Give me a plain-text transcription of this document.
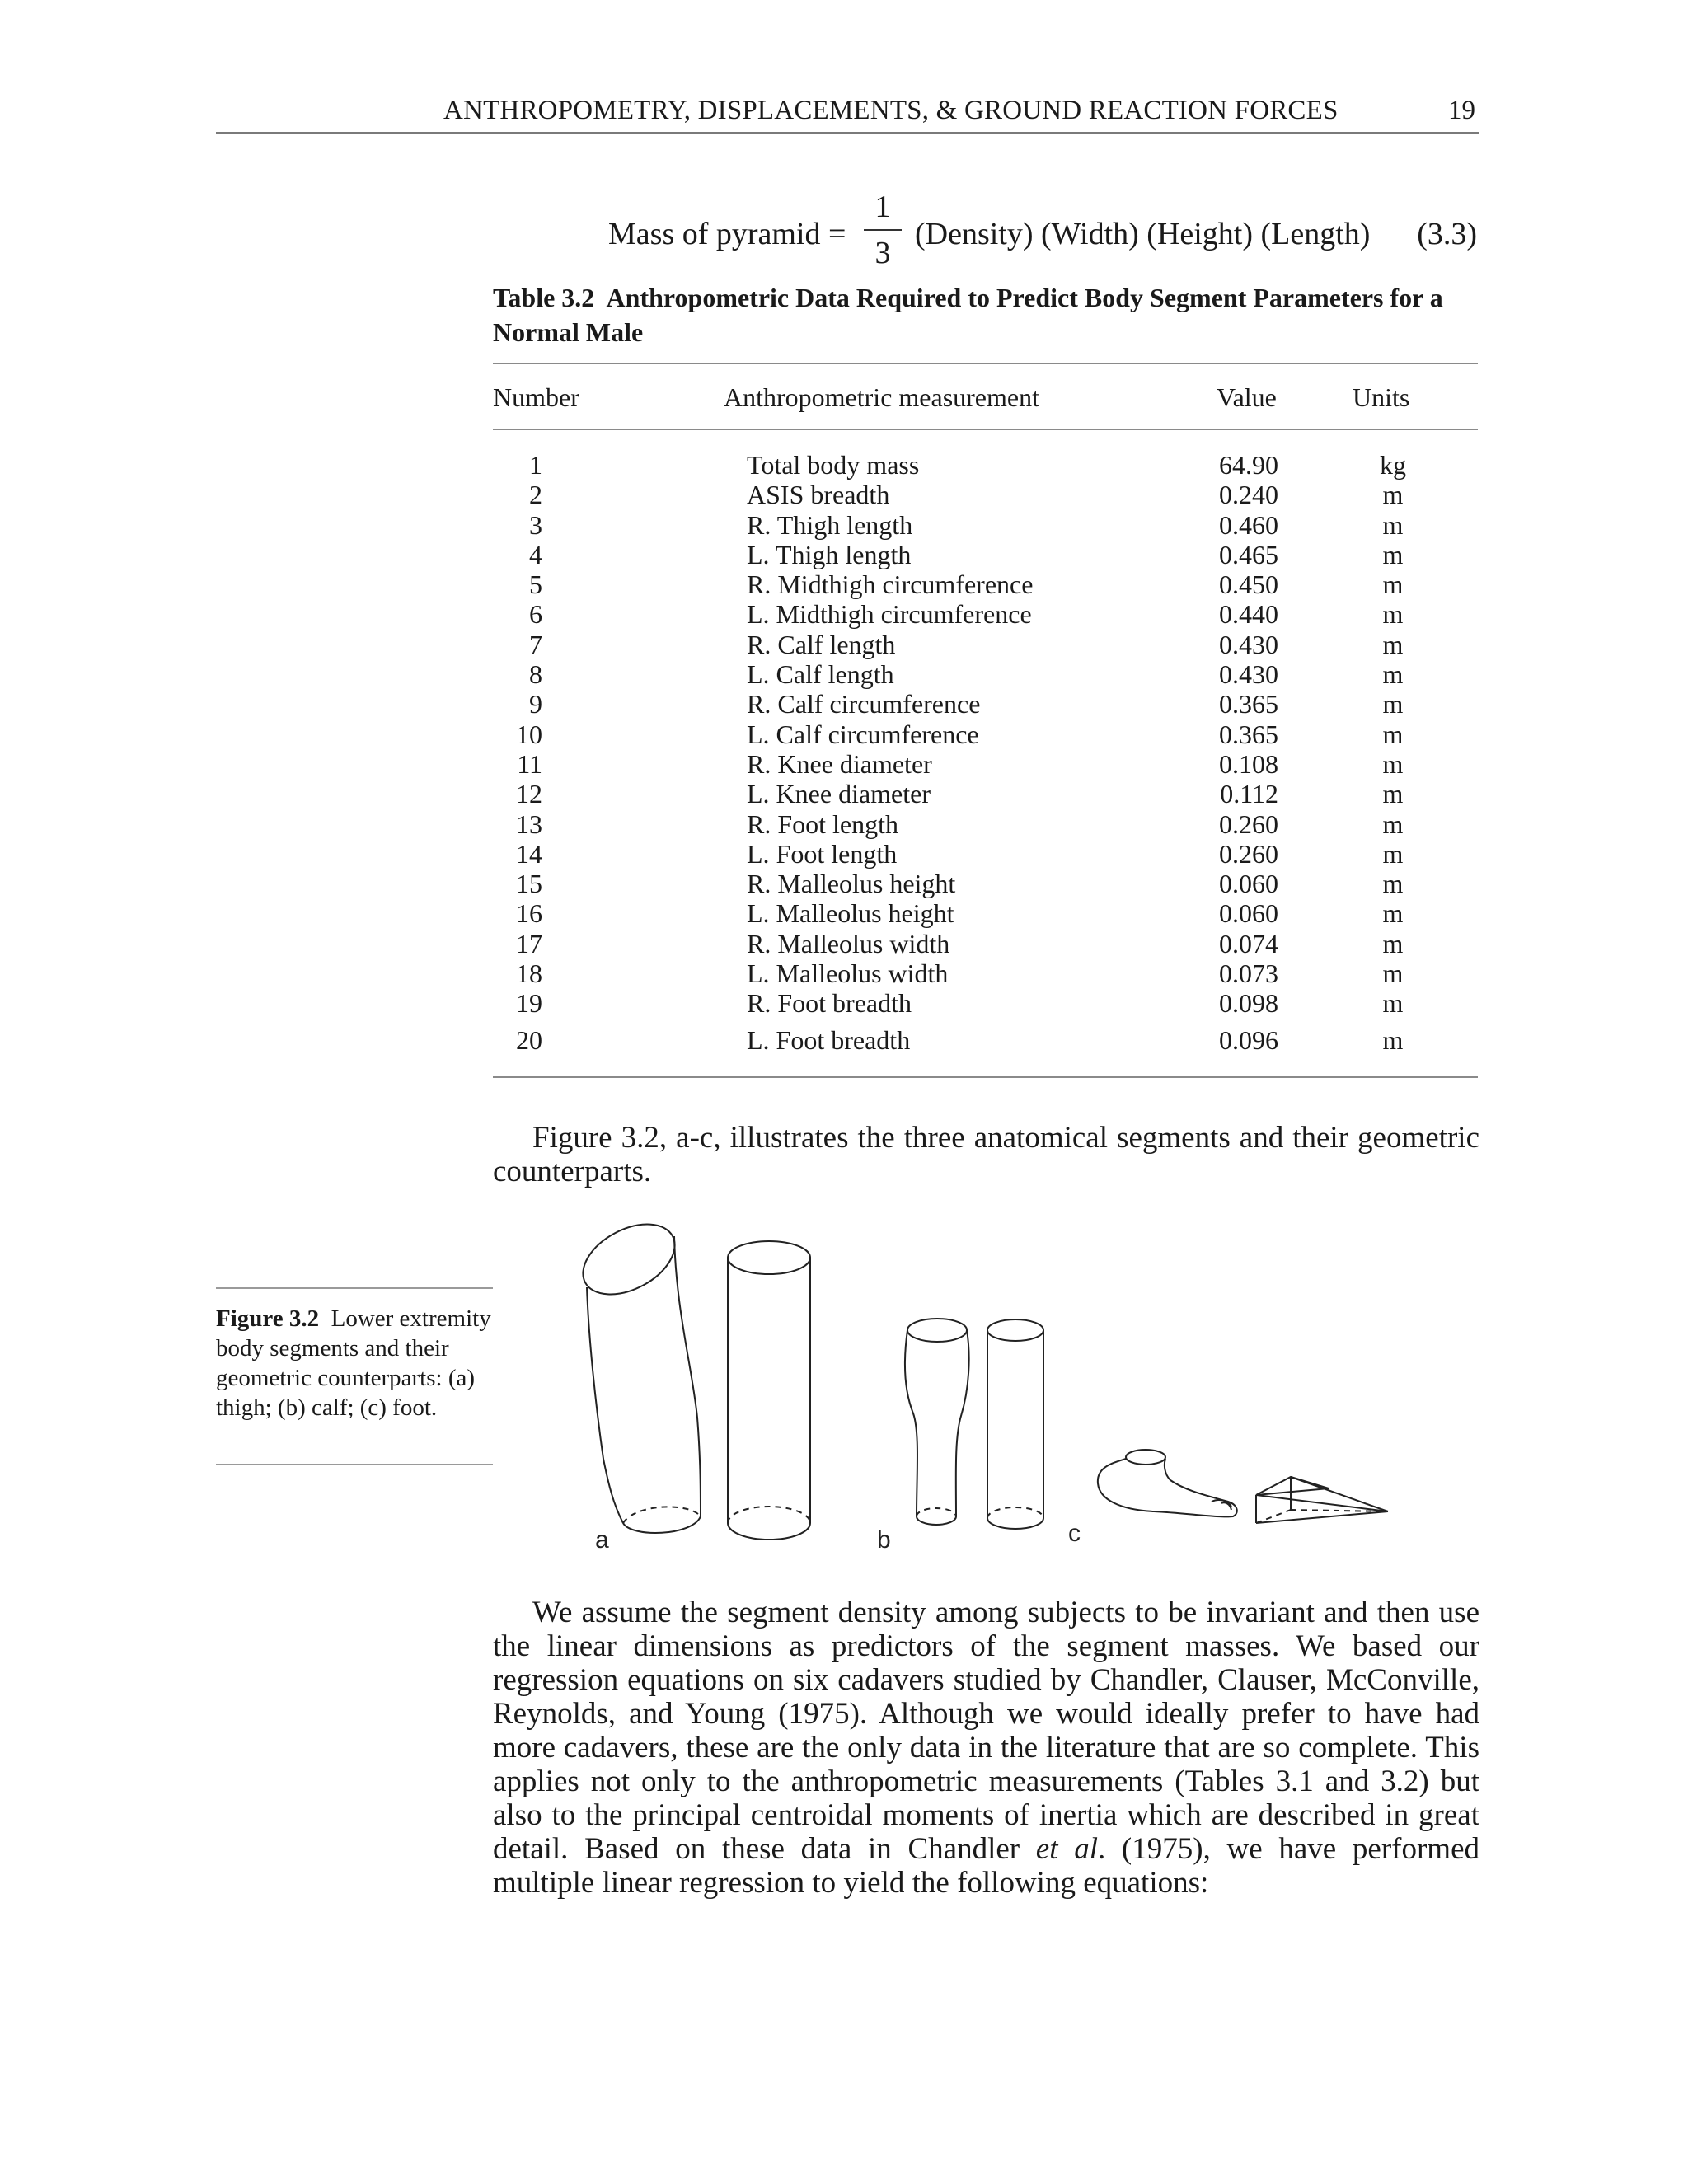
ANTHROPOMETRY, DISPLACEMENTS, & GROUND REACTION FORCES	19
Mass of pyramid =
1
3
(Density) (Width) (Height) (Length) (3.3)
Table 3.2 Anthropometric Data Required to Predict Body Segment Parameters for a Normal Male
Number	Anthropometric measurement	Value	Units
1	Total body mass	64.90	kg
2	ASIS breadth	0.240	m
3	R. Thigh length	0.460	m
4	L. Thigh length	0.465	m
5	R. Midthigh circumference	0.450	m
6	L. Midthigh circumference	0.440	m
7	R. Calf length	0.430	m
8	L. Calf length	0.430	m
9	R. Calf circumference	0.365	m
10	L. Calf circumference	0.365	m
11	R. Knee diameter	0.108	m
12	L. Knee diameter	0.112	m
13	R. Foot length	0.260	m
14	L. Foot length	0.260	m
15	R. Malleolus height	0.060	m
16	L. Malleolus height	0.060	m
17	R. Malleolus width	0.074	m
18	L. Malleolus width	0.073	m
19	R. Foot breadth	0.098	m
20	L. Foot breadth	0.096	m
Figure 3.2, a-c, illustrates the three anatomical segments and their geometric counterparts.
Figure 3.2 Lower extremity body segments and their geometric counterparts: (a) thigh; (b) calf; (c) foot.
a	b	c
We assume the segment density among subjects to be invariant and then use the linear dimensions as predictors of the segment masses. We based our regression equations on six cadavers studied by Chandler, Clauser, McConville, Reynolds, and Young (1975). Although we would ideally prefer to have had more cadavers, these are the only data in the literature that are so complete. This applies not only to the anthropometric measurements (Tables 3.1 and 3.2) but also to the principal centroidal moments of inertia which are described in great detail. Based on these data in Chandler et al. (1975), we have performed multiple linear regression to yield the following equations:
